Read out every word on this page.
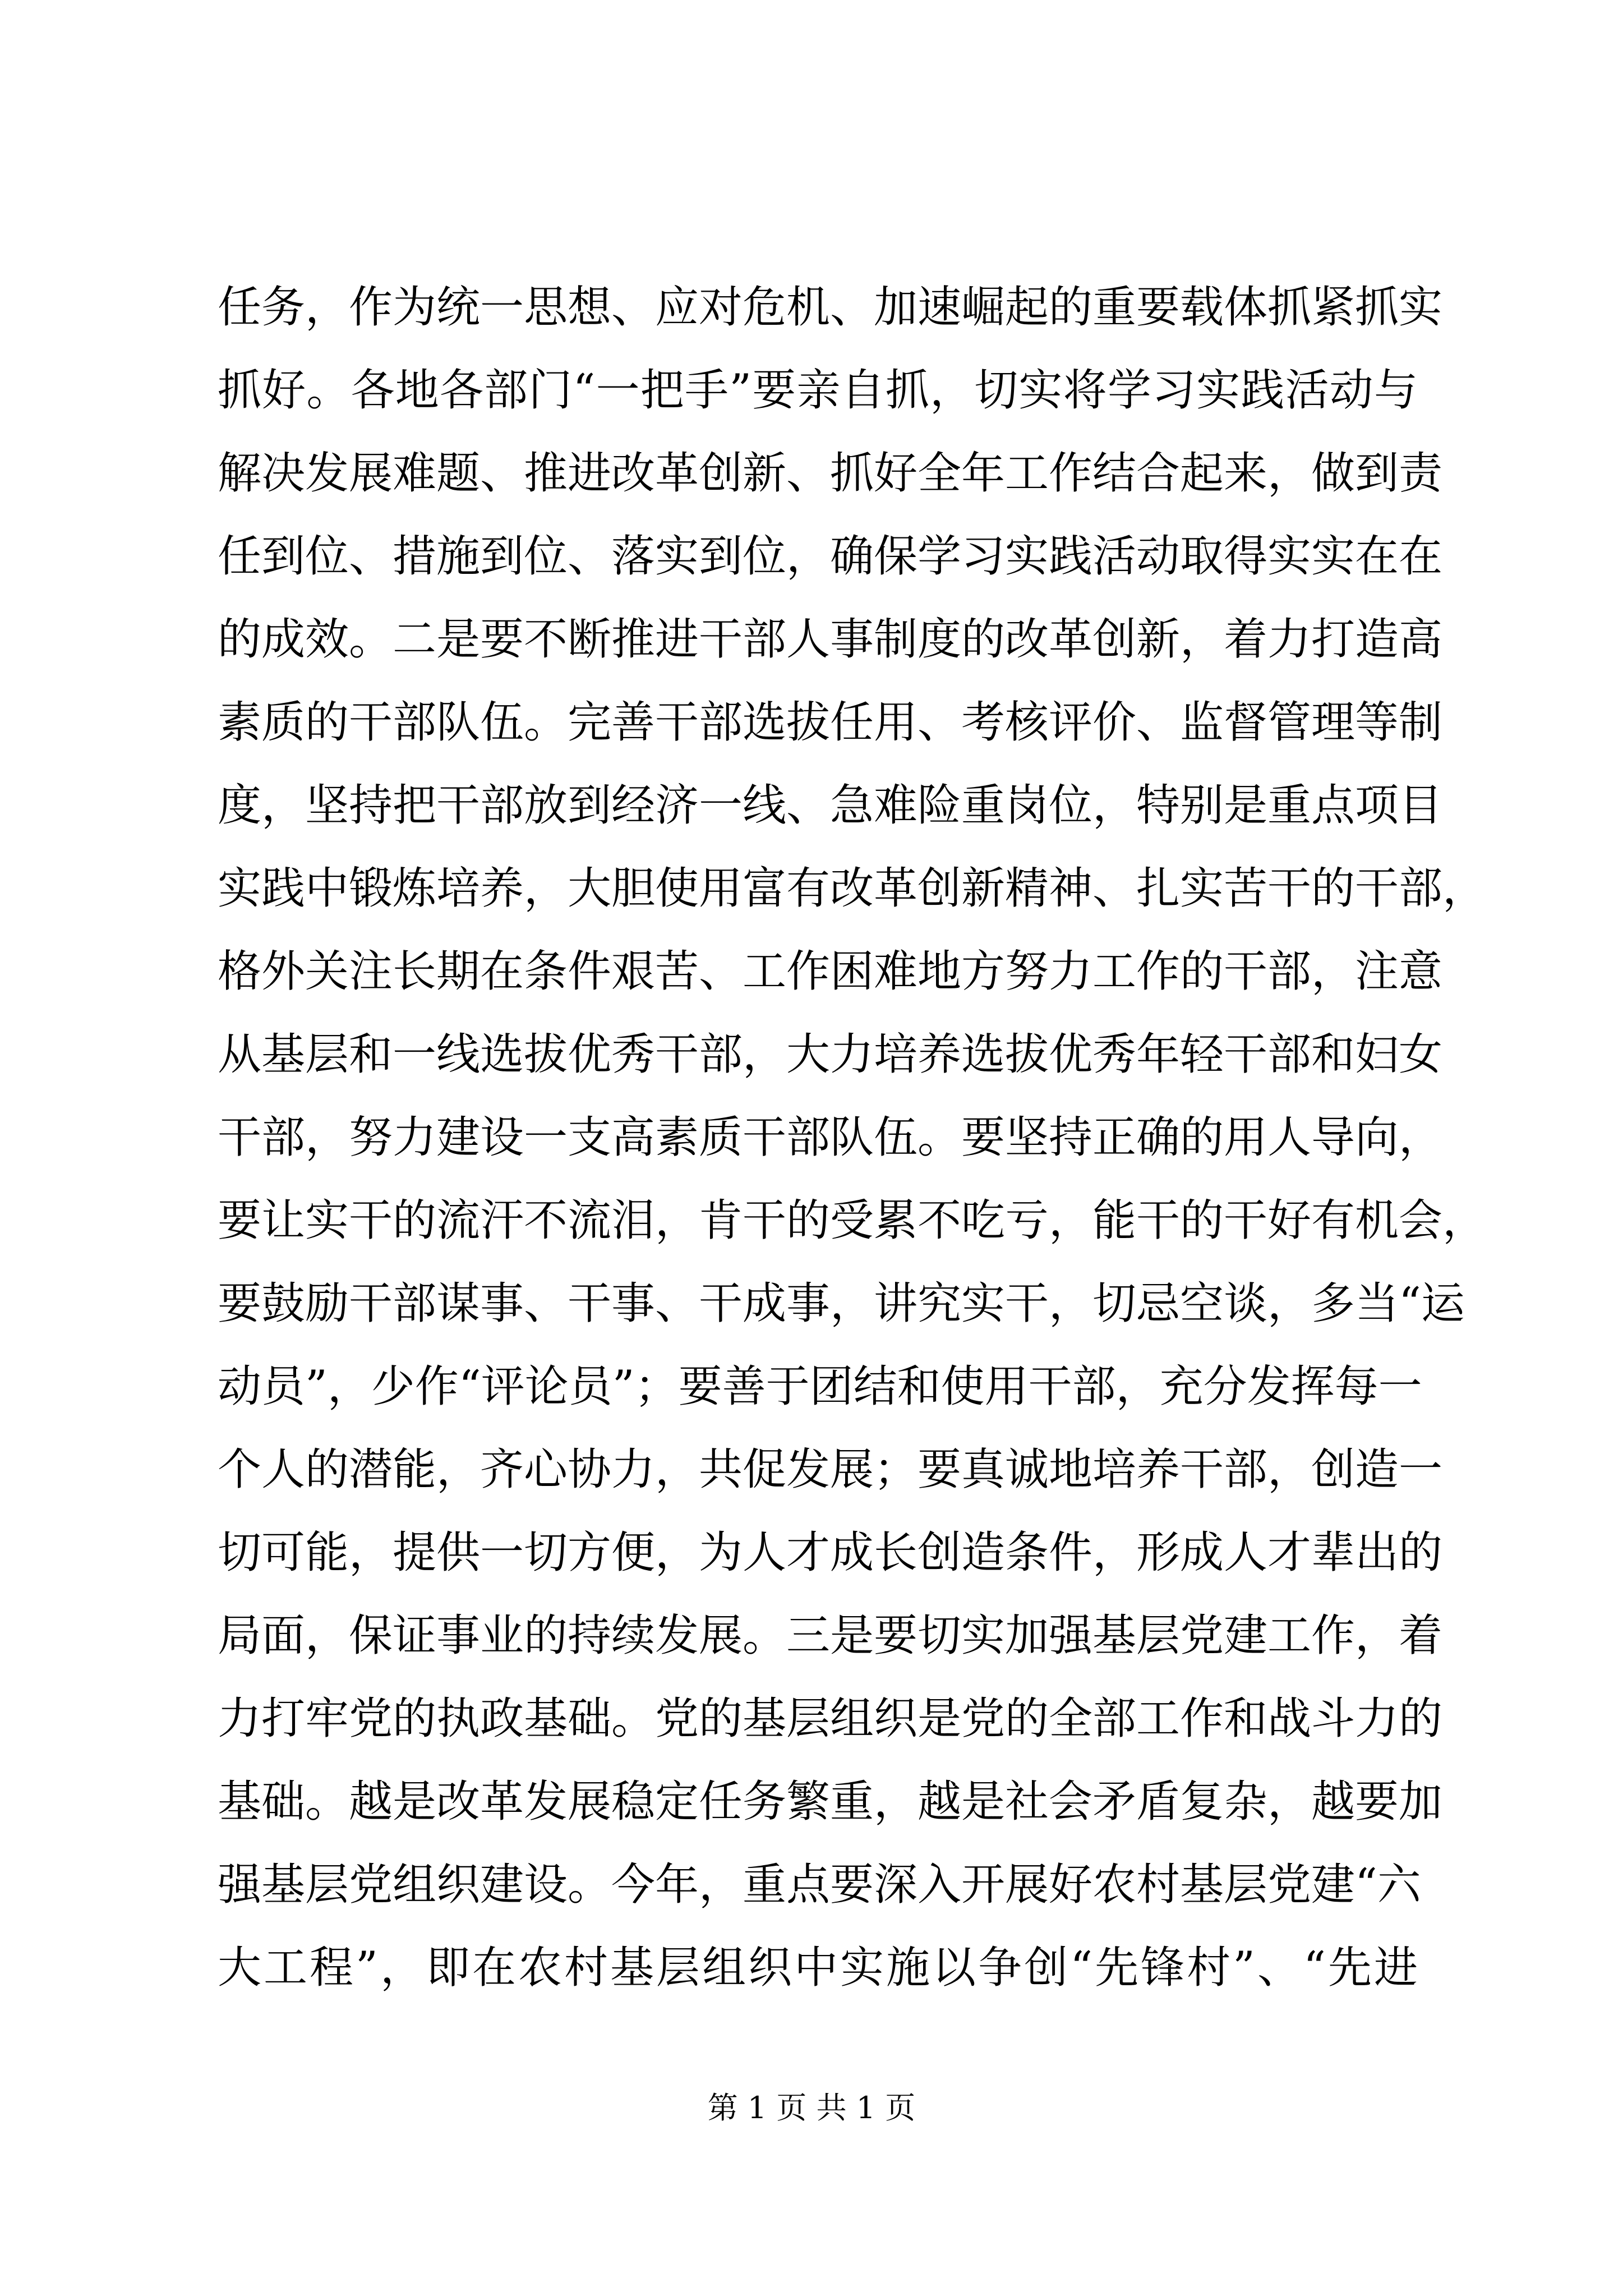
任务，作为统一思想、应对危机、加速崛起的重要载体抓紧抓实
抓好。各地各部门“一把手”要亲自抓，切实将学习实践活动与
解决发展难题、推进改革创新、抓好全年工作结合起来，做到责
任到位、措施到位、落实到位，确保学习实践活动取得实实在在
的成效。二是要不断推进干部人事制度的改革创新，着力打造高
素质的干部队伍。完善干部选拔任用、考核评价、监督管理等制
度，坚持把干部放到经济一线、急难险重岗位，特别是重点项目
实践中锻炼培养，大胆使用富有改革创新精神、扎实苦干的干部，
格外关注长期在条件艰苦、工作困难地方努力工作的干部，注意
从基层和一线选拔优秀干部，大力培养选拔优秀年轻干部和妇女
干部，努力建设一支高素质干部队伍。要坚持正确的用人导向，
要让实干的流汗不流泪，肯干的受累不吃亏，能干的干好有机会，
要鼓励干部谋事、干事、干成事，讲究实干，切忌空谈，多当“运
动员”，少作“评论员”；要善于团结和使用干部，充分发挥每一
个人的潜能，齐心协力，共促发展；要真诚地培养干部，创造一
切可能，提供一切方便，为人才成长创造条件，形成人才辈出的
局面，保证事业的持续发展。三是要切实加强基层党建工作，着
力打牢党的执政基础。党的基层组织是党的全部工作和战斗力的
基础。越是改革发展稳定任务繁重，越是社会矛盾复杂，越要加
强基层党组织建设。今年，重点要深入开展好农村基层党建“六
大工程”，即在农村基层组织中实施以争创“先锋村”、“先进
第 1 页 共 1 页
